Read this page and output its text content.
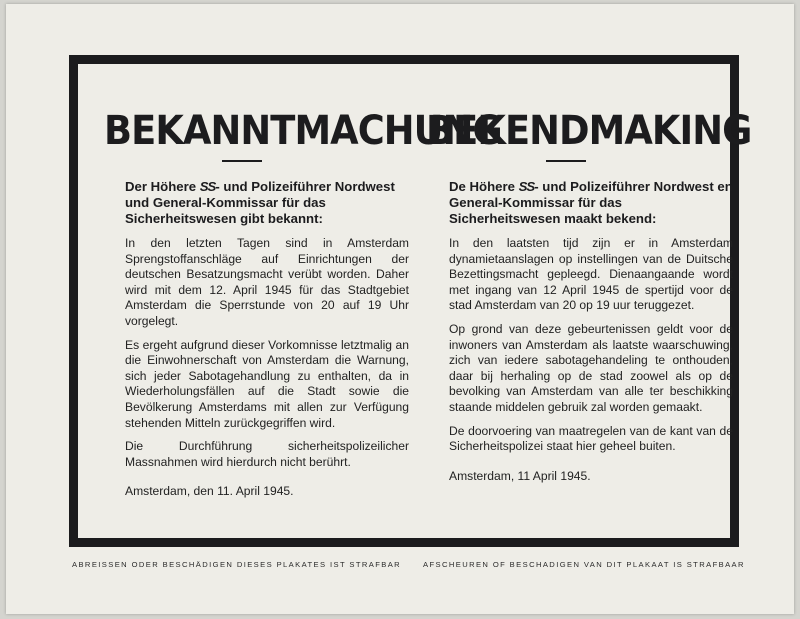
BEKANNTMACHUNG
Der Höhere SS- und Polizeiführer Nordwest und General-Kommissar für das Sicherheitswesen gibt bekannt:

In den letzten Tagen sind in Amsterdam Sprengstoffanschläge auf Einrichtungen der deutschen Besatzungsmacht verübt worden. Daher wird mit dem 12. April 1945 für das Stadtgebiet Amsterdam die Sperrstunde von 20 auf 19 Uhr vorgelegt.

Es ergeht aufgrund dieser Vorkomnisse letztmalig an die Einwohnerschaft von Amsterdam die Warnung, sich jeder Sabotagehandlung zu enthalten, da in Wiederholungsfällen auf die Stadt sowie die Bevölkerung Amsterdams mit allen zur Verfügung stehenden Mitteln zurückgegriffen wird.

Die Durchführung sicherheitspolizeilicher Massnahmen wird hierdurch nicht berührt.

Amsterdam, den 11. April 1945.
BEKENDMAKING
De Höhere SS- und Polizeiführer Nordwest en General-Kommissar für das Sicherheitswesen maakt bekend:

In den laatsten tijd zijn er in Amsterdam dynamietaanslagen op instellingen van de Duitsche Bezettingsmacht gepleegd. Dienaangaande wordt met ingang van 12 April 1945 de spertijd voor de stad Amsterdam van 20 op 19 uur teruggezet.

Op grond van deze gebeurtenissen geldt voor de inwoners van Amsterdam als laatste waarschuwing, zich van iedere sabotagehandeling te onthouden, daar bij herhaling op de stad zoowel als op de bevolking van Amsterdam van alle ter beschikking staande middelen gebruik zal worden gemaakt.

De doorvoering van maatregelen van de kant van de Sicherheitspolizei staat hier geheel buiten.

Amsterdam, 11 April 1945.
ABREISSEN ODER BESCHÄDIGEN DIESES PLAKATES IST STRAFBAR	AFSCHEUREN OF BESCHADIGEN VAN DIT PLAKAAT IS STRAFBAAR
